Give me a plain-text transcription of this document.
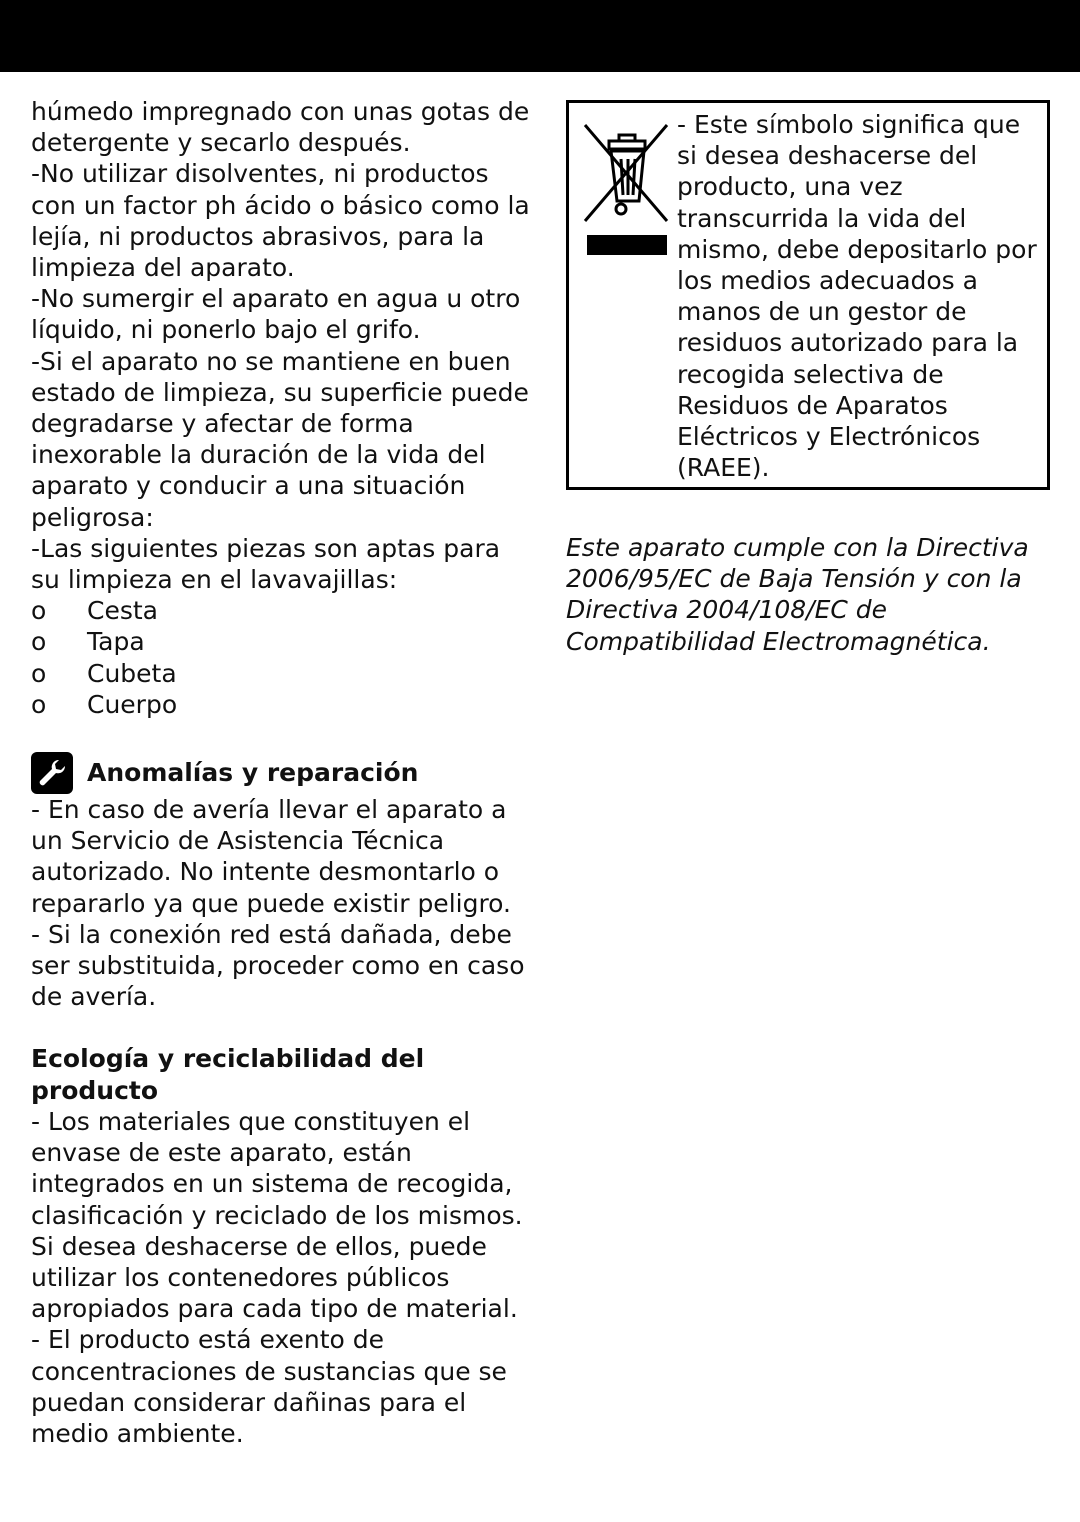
húmedo impregnado con unas gotas de detergente y secarlo después.

-No utilizar disolventes, ni productos con un factor ph ácido o básico como la lejía, ni productos abrasivos, para la limpieza del aparato.

-No sumergir el aparato en agua u otro líquido, ni ponerlo bajo el grifo.

-Si el aparato no se mantiene en buen estado de limpieza, su superficie puede degradarse y afectar de forma inexorable la duración de la vida del aparato y conducir a una situación peligrosa:

-Las siguientes piezas son aptas para su limpieza en el lavavajillas:

o	Cesta
o	Tapa
o	Cubeta
o	Cuerpo
Anomalías y reparación

- En caso de avería llevar el aparato a un Servicio de Asistencia Técnica autorizado. No intente desmontarlo o repararlo ya que puede existir peligro.

- Si la conexión red está dañada, debe ser substituida, proceder como en caso de avería.

Ecología y reciclabilidad del producto

- Los materiales que constituyen el envase de este aparato, están integrados en un sistema de recogida, clasificación y reciclado de los mismos. Si desea deshacerse de ellos, puede utilizar los contenedores públicos apropiados para cada tipo de material.

- El producto está exento de concentraciones de sustancias que se puedan considerar dañinas para el medio ambiente.

- Este símbolo significa que si desea deshacerse del producto, una vez transcurrida la vida del mismo, debe depositarlo por los medios adecuados a manos de un gestor de residuos autorizado para la recogida selectiva de Residuos de Aparatos Eléctricos y Electrónicos (RAEE).

Este aparato cumple con la Directiva 2006/95/EC de Baja Tensión y con la Directiva 2004/108/EC de Compatibilidad Electromagnética.
